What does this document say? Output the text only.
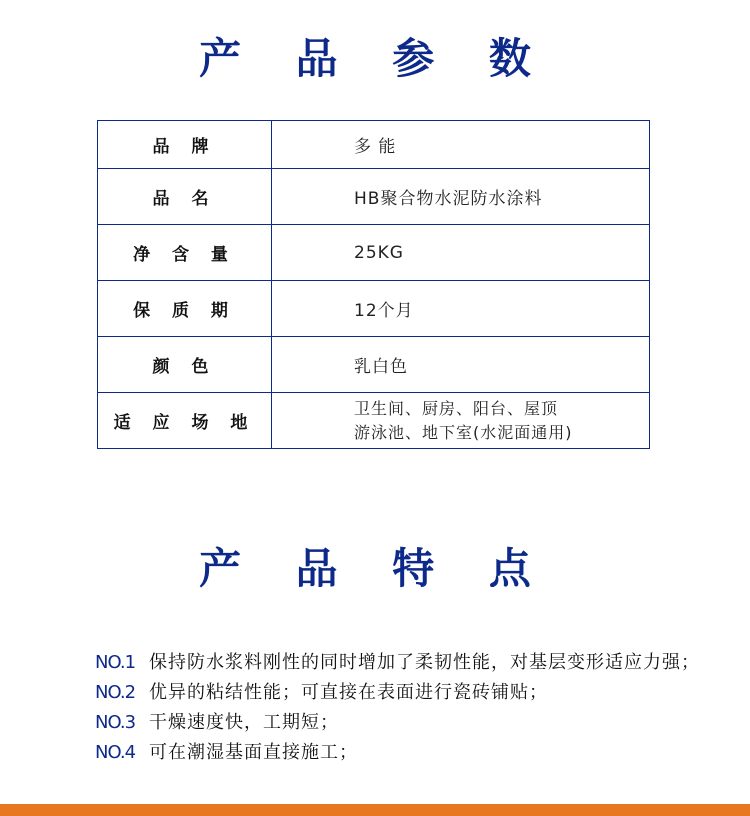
产 品 参 数
品 牌	多 能
品 名	HB聚合物水泥防水涂料
净 含 量	25KG
保 质 期	12个月
颜 色	乳白色
适 应 场 地	卫生间、厨房、阳台、屋顶
游泳池、地下室(水泥面通用)
产 品 特 点
NO.1 保持防水浆料刚性的同时增加了柔韧性能，对基层变形适应力强；
NO.2 优异的粘结性能；可直接在表面进行瓷砖铺贴；
NO.3 干燥速度快，工期短；
NO.4 可在潮湿基面直接施工；
